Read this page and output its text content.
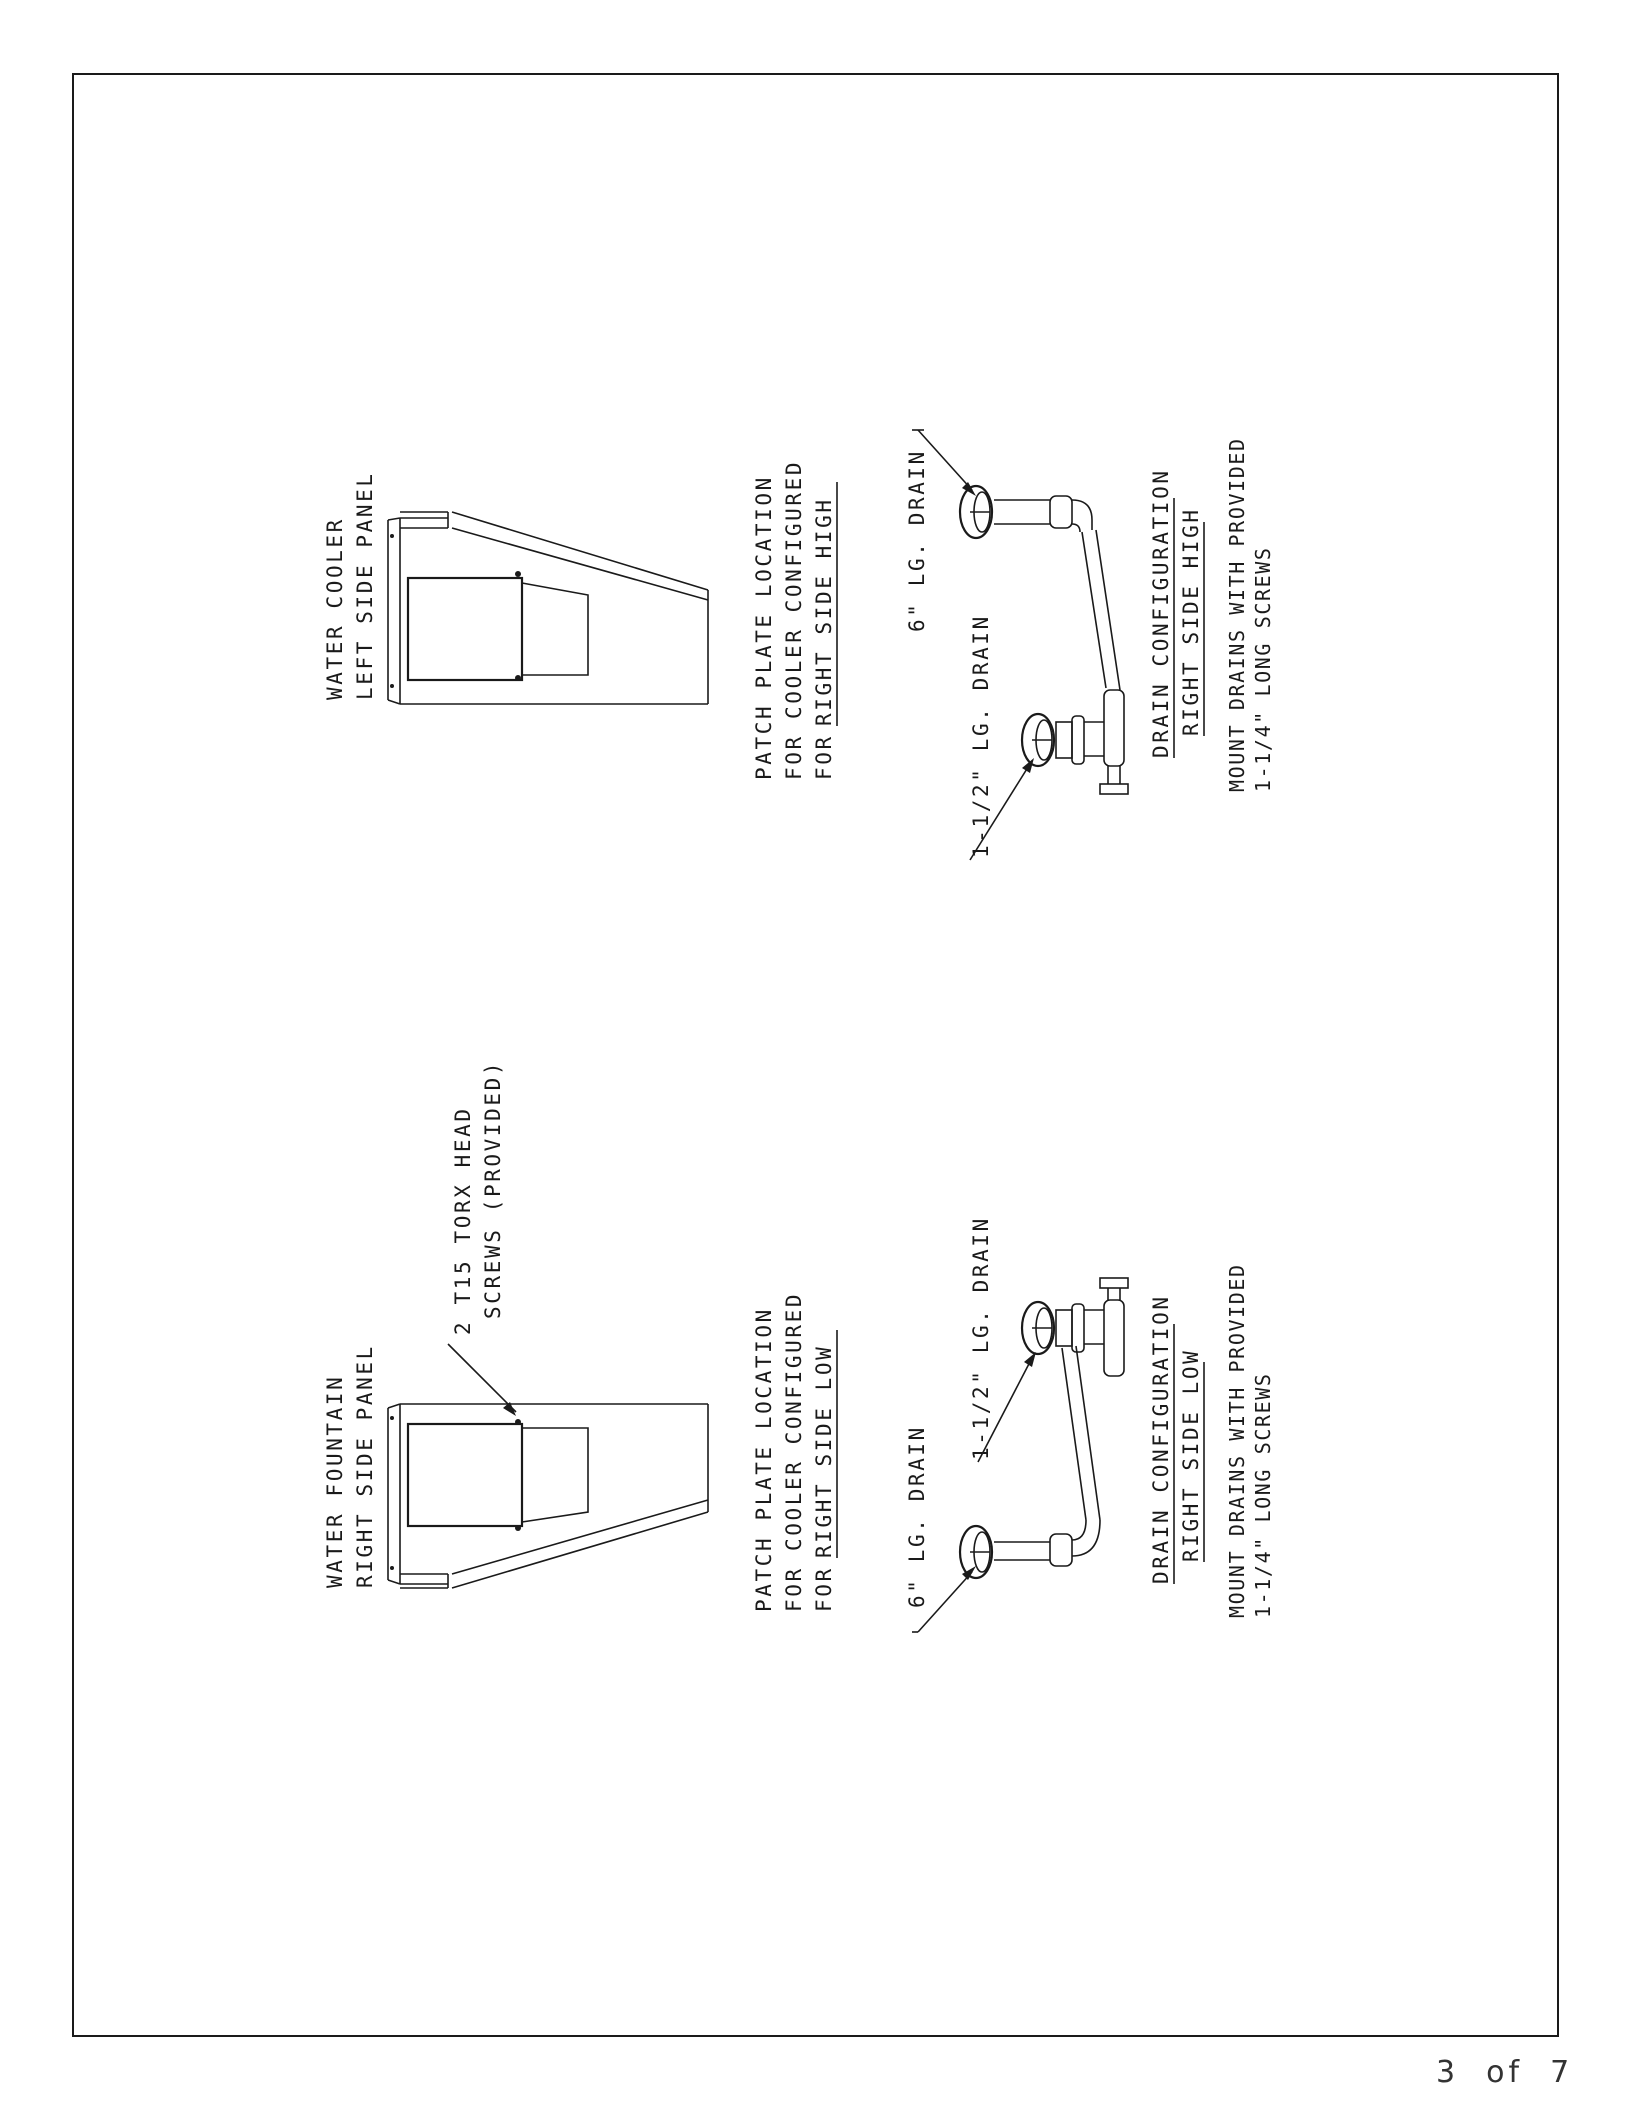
WATER COOLER LEFT SIDE PANEL
WATER FOUNTAIN RIGHT SIDE PANEL
2 T15 TORX HEAD SCREWS (PROVIDED)
PATCH PLATE LOCATION FOR COOLER CONFIGURED FOR
RIGHT SIDE HIGH
PATCH PLATE LOCATION FOR COOLER CONFIGURED FOR
RIGHT SIDE LOW
6" LG. DRAIN
1-1/2" LG. DRAIN	DRAIN CONFIGURATION RIGHT SIDE HIGH MOUNT DRAINS WITH PROVIDED 1-1/4" LONG SCREWS
1-1/2" LG. DRAIN
6" LG. DRAIN	DRAIN CONFIGURATION RIGHT SIDE LOW MOUNT DRAINS WITH PROVIDED 1-1/4" LONG SCREWS
3  of  7
